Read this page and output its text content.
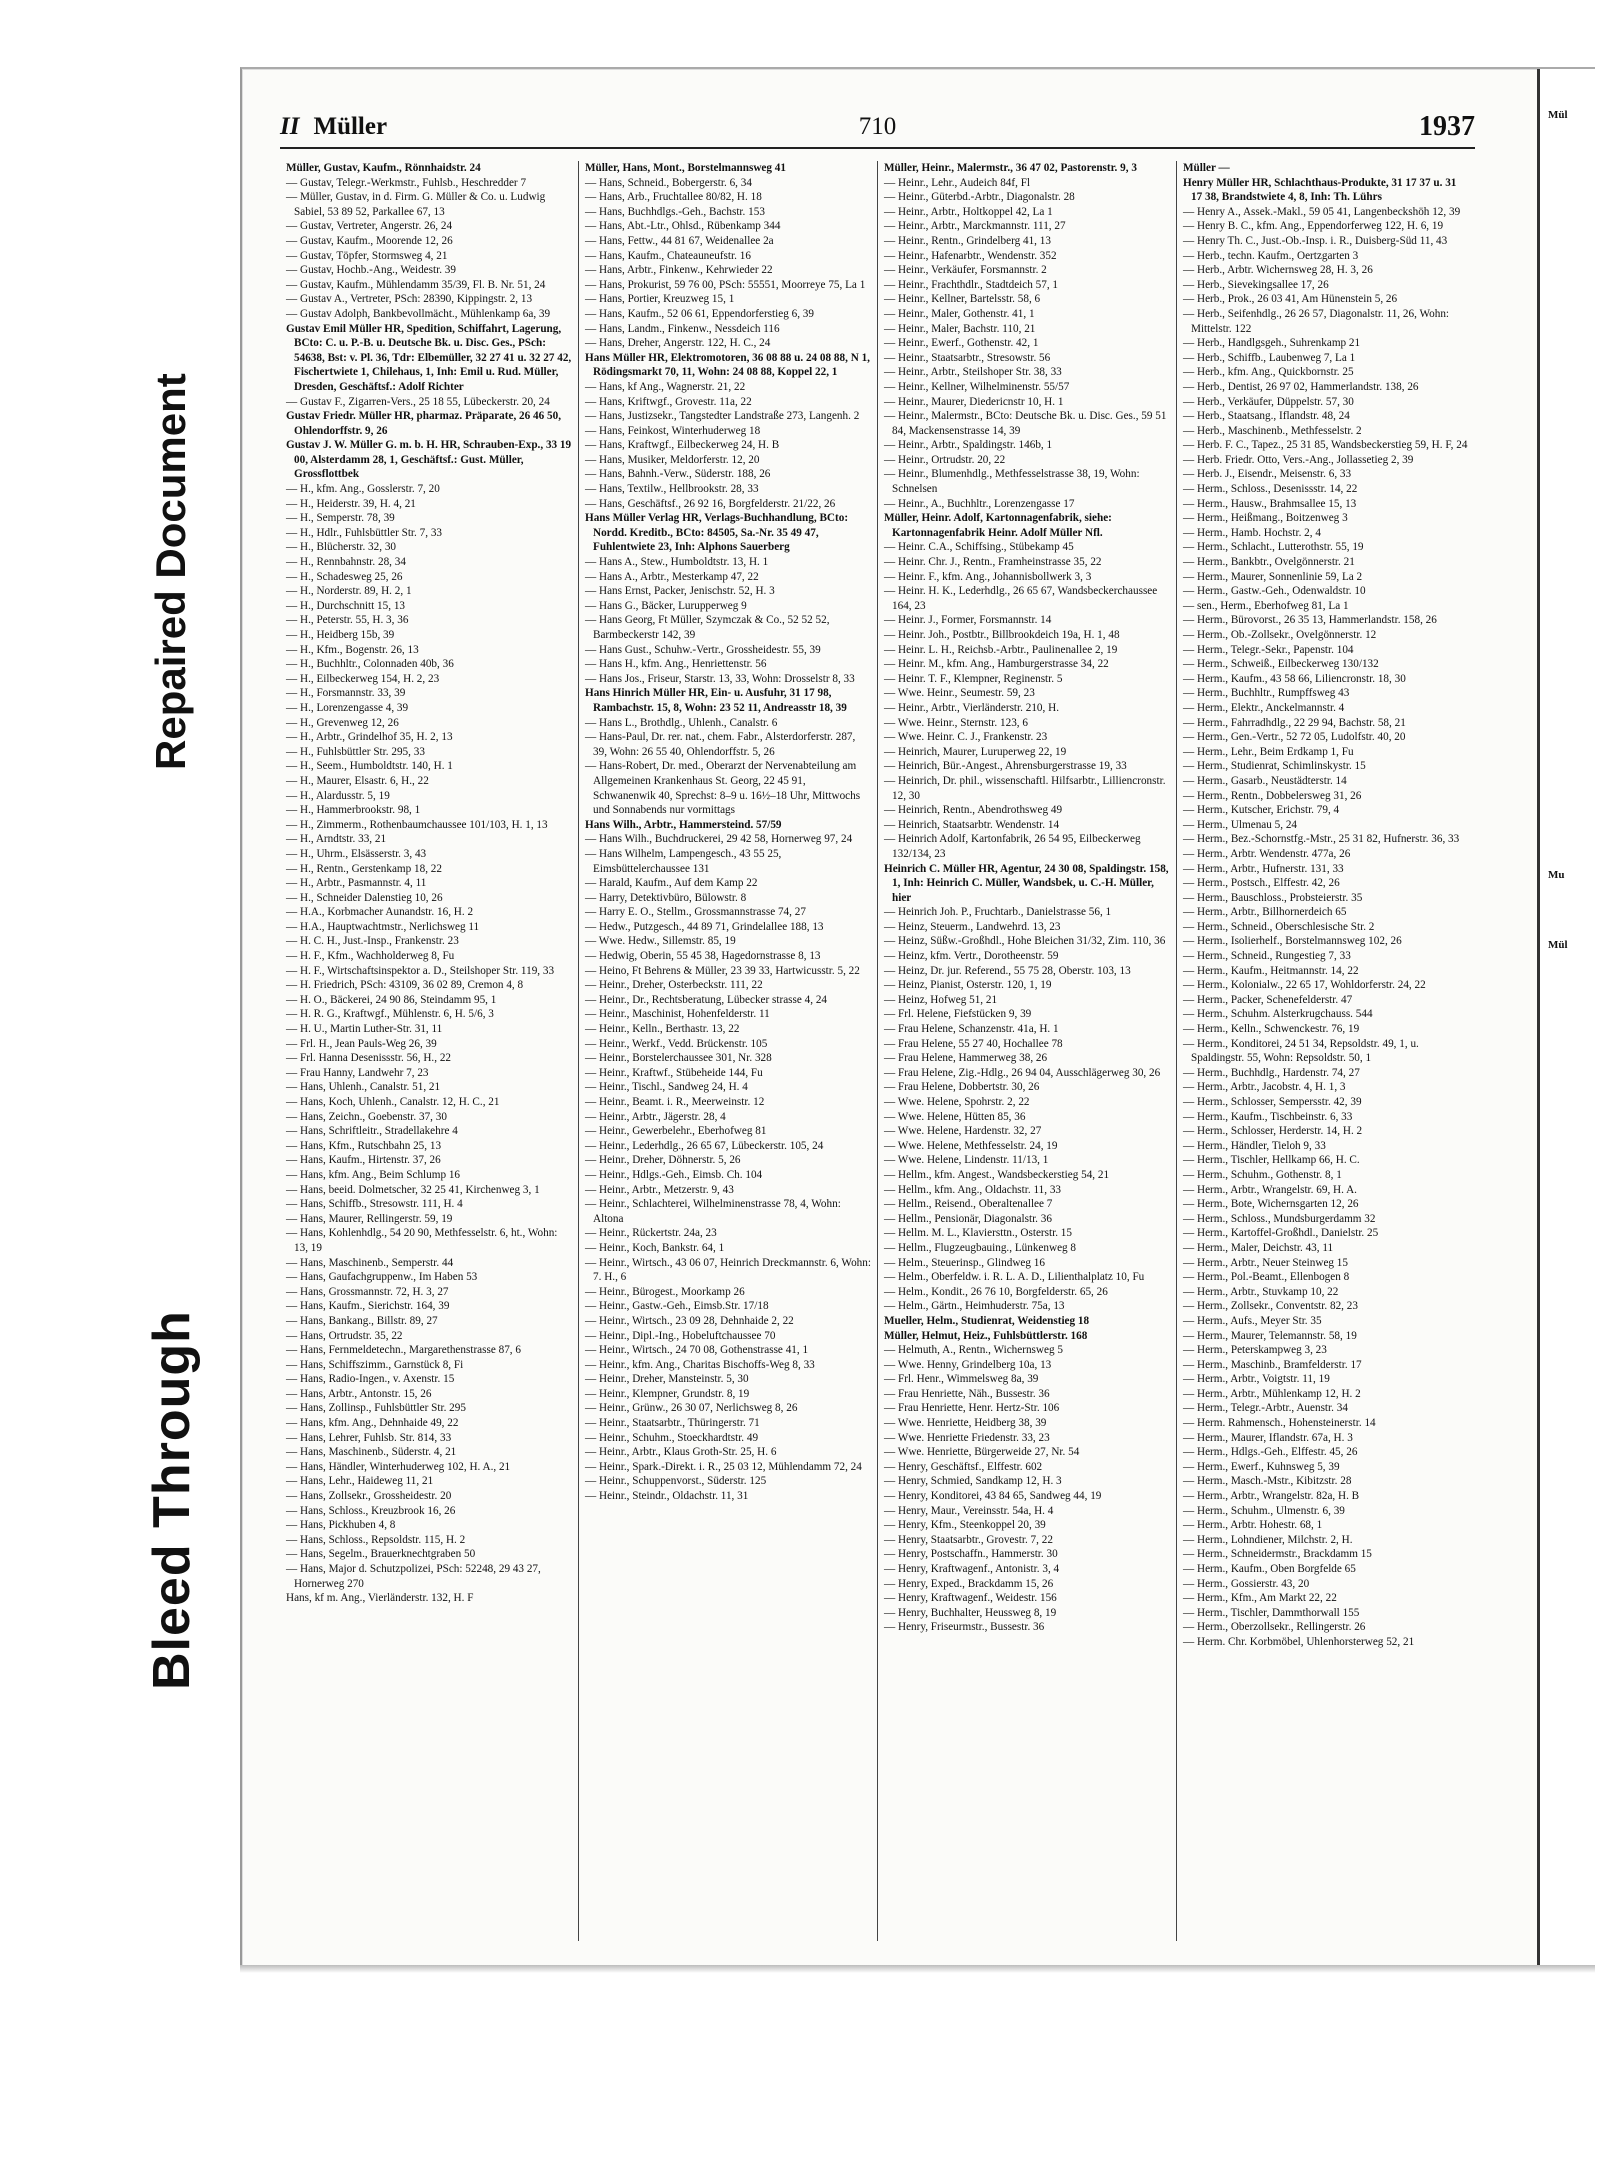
Bleed Through
Repaired Document
II Müller	710	1937
Müller, Gustav, Kaufm., Rönnhaidstr. 24
— Gustav, Telegr.-Werkmstr., Fuhlsb., Heschredder 7
— Müller, Gustav, in d. Firm. G. Müller & Co. u. Ludwig Sabiel, 53 89 52, Parkallee 67, 13
— Gustav, Vertreter, Angerstr. 26, 24
— Gustav, Kaufm., Moorende 12, 26
— Gustav, Töpfer, Stormsweg 4, 21
— Gustav, Hochb.-Ang., Weidestr. 39
— Gustav, Kaufm., Mühlendamm 35/39, Fl. B. Nr. 51, 24
— Gustav A., Vertreter, PSch: 28390, Kippingstr. 2, 13
— Gustav Adolph, Bankbevollmächt., Mühlenkamp 6a, 39
Gustav Emil Müller HR, Spedition, Schiffahrt, Lagerung, BCto: C. u. P.-B. u. Deutsche Bk. u. Disc. Ges., PSch: 54638, Bst: v. Pl. 36, Tdr: Elbemüller, 32 27 41 u. 32 27 42, Fischertwiete 1, Chilehaus, 1, Inh: Emil u. Rud. Müller, Dresden, Geschäftsf.: Adolf Richter
— Gustav F., Zigarren-Vers., 25 18 55, Lübeckerstr. 20, 24
Gustav Friedr. Müller HR, pharmaz. Präparate, 26 46 50, Ohlendorffstr. 9, 26
Gustav J. W. Müller G. m. b. H. HR, Schrauben-Exp., 33 19 00, Alsterdamm 28, 1, Geschäftsf.: Gust. Müller, Grossflottbek
— H., kfm. Ang., Gosslerstr. 7, 20
— H., Heiderstr. 39, H. 4, 21
— H., Semperstr. 78, 39
— H., Hdlr., Fuhlsbüttler Str. 7, 33
— H., Blücherstr. 32, 30
— H., Rennbahnstr. 28, 34
— H., Schadesweg 25, 26
— H., Norderstr. 89, H. 2, 1
— H., Durchschnitt 15, 13
— H., Peterstr. 55, H. 3, 36
— H., Heidberg 15b, 39
— H., Kfm., Bogenstr. 26, 13
— H., Buchhltr., Colonnaden 40b, 36
— H., Eilbeckerweg 154, H. 2, 23
— H., Forsmannstr. 33, 39
— H., Lorenzengasse 4, 39
— H., Grevenweg 12, 26
— H., Arbtr., Grindelhof 35, H. 2, 13
— H., Fuhlsbüttler Str. 295, 33
— H., Seem., Humboldtstr. 140, H. 1
— H., Maurer, Elsastr. 6, H., 22
— H., Alardusstr. 5, 19
— H., Hammerbrookstr. 98, 1
— H., Zimmerm., Rothenbaumchaussee 101/103, H. 1, 13
— H., Arndtstr. 33, 21
— H., Uhrm., Elsässerstr. 3, 43
— H., Rentn., Gerstenkamp 18, 22
— H., Arbtr., Pasmannstr. 4, 11
— H., Schneider Dalenstieg 10, 26
— H.A., Korbmacher Aunandstr. 16, H. 2
— H.A., Hauptwachtmstr., Nerlichsweg 11
— H. C. H., Just.-Insp., Frankenstr. 23
— H. F., Kfm., Wachholderweg 8, Fu
— H. F., Wirtschaftsinspektor a. D., Steilshoper Str. 119, 33
— H. Friedrich, PSch: 43109, 36 02 89, Cremon 4, 8
— H. O., Bäckerei, 24 90 86, Steindamm 95, 1
— H. R. G., Kraftwgf., Mühlenstr. 6, H. 5/6, 3
— H. U., Martin Luther-Str. 31, 11
— Frl. H., Jean Pauls-Weg 26, 39
— Frl. Hanna Desenissstr. 56, H., 22
— Frau Hanny, Landwehr 7, 23
— Hans, Uhlenh., Canalstr. 51, 21
— Hans, Koch, Uhlenh., Canalstr. 12, H. C., 21
— Hans, Zeichn., Goebenstr. 37, 30
— Hans, Schriftleitr., Stradellakehre 4
— Hans, Kfm., Rutschbahn 25, 13
— Hans, Kaufm., Hirtenstr. 37, 26
— Hans, kfm. Ang., Beim Schlump 16
— Hans, beeid. Dolmetscher, 32 25 41, Kirchenweg 3, 1
— Hans, Schiffb., Stresowstr. 111, H. 4
— Hans, Maurer, Rellingerstr. 59, 19
— Hans, Kohlenhdlg., 54 20 90, Methfesselstr. 6, ht., Wohn: 13, 19
— Hans, Maschinenb., Semperstr. 44
— Hans, Gaufachgruppenw., Im Haben 53
— Hans, Grossmannstr. 72, H. 3, 27
— Hans, Kaufm., Sierichstr. 164, 39
— Hans, Bankang., Billstr. 89, 27
— Hans, Ortrudstr. 35, 22
— Hans, Fernmeldetechn., Margarethenstrasse 87, 6
— Hans, Schiffszimm., Garnstück 8, Fi
— Hans, Radio-Ingen., v. Axenstr. 15
— Hans, Arbtr., Antonstr. 15, 26
— Hans, Zollinsp., Fuhlsbüttler Str. 295
— Hans, kfm. Ang., Dehnhaide 49, 22
— Hans, Lehrer, Fuhlsb. Str. 814, 33
— Hans, Maschinenb., Süderstr. 4, 21
— Hans, Händler, Winterhuderweg 102, H. A., 21
— Hans, Lehr., Haideweg 11, 21
— Hans, Zollsekr., Grossheidestr. 20
— Hans, Schloss., Kreuzbrook 16, 26
— Hans, Pickhuben 4, 8
— Hans, Schloss., Repsoldstr. 115, H. 2
— Hans, Segelm., Brauerknechtgraben 50
— Hans, Major d. Schutzpolizei, PSch: 52248, 29 43 27, Hornerweg 270
Hans, kf m. Ang., Vierländerstr. 132, H. F
Müller, Hans, Mont., Borstelmannsweg 41
— Hans, Schneid., Bobergerstr. 6, 34
— Hans, Arb., Fruchtallee 80/82, H. 18
— Hans, Buchhdlgs.-Geh., Bachstr. 153
— Hans, Abt.-Ltr., Ohlsd., Rübenkamp 344
— Hans, Fettw., 44 81 67, Weidenallee 2a
— Hans, Kaufm., Chateauneufstr. 16
— Hans, Arbtr., Finkenw., Kehrwieder 22
— Hans, Prokurist, 59 76 00, PSch: 55551, Moorreye 75, La 1
— Hans, Portier, Kreuzweg 15, 1
— Hans, Kaufm., 52 06 61, Eppendorferstieg 6, 39
— Hans, Landm., Finkenw., Nessdeich 116
— Hans, Dreher, Angerstr. 122, H. C., 24
Hans Müller HR, Elektromotoren, 36 08 88 u. 24 08 88, N 1, Rödingsmarkt 70, 11, Wohn: 24 08 88, Koppel 22, 1
— Hans, kf Ang., Wagnerstr. 21, 22
— Hans, Kriftwgf., Grovestr. 11a, 22
— Hans, Justizsekr., Tangstedter Landstraße 273, Langenh. 2
— Hans, Feinkost, Winterhuderweg 18
— Hans, Kraftwgf., Eilbeckerweg 24, H. B
— Hans, Musiker, Meldorferstr. 12, 20
— Hans, Bahnh.-Verw., Süderstr. 188, 26
— Hans, Textilw., Hellbrookstr. 28, 33
— Hans, Geschäftsf., 26 92 16, Borgfelderstr. 21/22, 26
Hans Müller Verlag HR, Verlags-Buchhandlung, BCto: Nordd. Kreditb., BCto: 84505, Sa.-Nr. 35 49 47, Fuhlentwiete 23, Inh: Alphons Sauerberg
— Hans A., Stew., Humboldtstr. 13, H. 1
— Hans A., Arbtr., Mesterkamp 47, 22
— Hans Ernst, Packer, Jenischstr. 52, H. 3
— Hans G., Bäcker, Lurupperweg 9
— Hans Georg, Ft Müller, Szymczak & Co., 52 52 52, Barmbeckerstr 142, 39
— Hans Gust., Schuhw.-Vertr., Grossheidestr. 55, 39
— Hans H., kfm. Ang., Henriettenstr. 56
— Hans Jos., Friseur, Starstr. 13, 33, Wohn: Drosselstr 8, 33
Hans Hinrich Müller HR, Ein- u. Ausfuhr, 31 17 98, Rambachstr. 15, 8, Wohn: 23 52 11, Andreasstr 18, 39
— Hans L., Brothdlg., Uhlenh., Canalstr. 6
— Hans-Paul, Dr. rer. nat., chem. Fabr., Alsterdorferstr. 287, 39, Wohn: 26 55 40, Ohlendorffstr. 5, 26
— Hans-Robert, Dr. med., Oberarzt der Nervenabteilung am Allgemeinen Krankenhaus St. Georg, 22 45 91, Schwanenwik 40, Sprechst: 8–9 u. 16½–18 Uhr, Mittwochs und Sonnabends nur vormittags
Hans Wilh., Arbtr., Hammersteind. 57/59
— Hans Wilh., Buchdruckerei, 29 42 58, Hornerweg 97, 24
— Hans Wilhelm, Lampengesch., 43 55 25, Eimsbüttelerchaussee 131
— Harald, Kaufm., Auf dem Kamp 22
— Harry, Detektivbüro, Bülowstr. 8
— Harry E. O., Stellm., Grossmannstrasse 74, 27
— Hedw., Putzgesch., 44 89 71, Grindelallee 188, 13
— Wwe. Hedw., Sillemstr. 85, 19
— Hedwig, Oberin, 55 45 38, Hagedornstrasse 8, 13
— Heino, Ft Behrens & Müller, 23 39 33, Hartwicusstr. 5, 22
— Heinr., Dreher, Osterbeckstr. 111, 22
— Heinr., Dr., Rechtsberatung, Lübecker strasse 4, 24
— Heinr., Maschinist, Hohenfelderstr. 11
— Heinr., Kelln., Berthastr. 13, 22
— Heinr., Werkf., Vedd. Brückenstr. 105
— Heinr., Borstelerchaussee 301, Nr. 328
— Heinr., Kraftwf., Stübeheide 144, Fu
— Heinr., Tischl., Sandweg 24, H. 4
— Heinr., Beamt. i. R., Meerweinstr. 12
— Heinr., Arbtr., Jägerstr. 28, 4
— Heinr., Gewerbelehr., Eberhofweg 81
— Heinr., Lederhdlg., 26 65 67, Lübeckerstr. 105, 24
— Heinr., Dreher, Döhnerstr. 5, 26
— Heinr., Hdlgs.-Geh., Eimsb. Ch. 104
— Heinr., Arbtr., Metzerstr. 9, 43
— Heinr., Schlachterei, Wilhelminenstrasse 78, 4, Wohn: Altona
— Heinr., Rückertstr. 24a, 23
— Heinr., Koch, Bankstr. 64, 1
— Heinr., Wirtsch., 43 06 07, Heinrich Dreckmannstr. 6, Wohn: 7. H., 6
— Heinr., Bürogest., Moorkamp 26
— Heinr., Gastw.-Geh., Eimsb.Str. 17/18
— Heinr., Wirtsch., 23 09 28, Dehnhaide 2, 22
— Heinr., Dipl.-Ing., Hobeluftchaussee 70
— Heinr., Wirtsch., 24 70 08, Gothenstrasse 41, 1
— Heinr., kfm. Ang., Charitas Bischoffs-Weg 8, 33
— Heinr., Dreher, Mansteinstr. 5, 30
— Heinr., Klempner, Grundstr. 8, 19
— Heinr., Grünw., 26 30 07, Nerlichsweg 8, 26
— Heinr., Staatsarbtr., Thüringerstr. 71
— Heinr., Schuhm., Stoeckhardtstr. 49
— Heinr., Arbtr., Klaus Groth-Str. 25, H. 6
— Heinr., Spark.-Direkt. i. R., 25 03 12, Mühlendamm 72, 24
— Heinr., Schuppenvorst., Süderstr. 125
— Heinr., Steindr., Oldachstr. 11, 31
Müller, Heinr., Malermstr., 36 47 02, Pastorenstr. 9, 3
— Heinr., Lehr., Audeich 84f, Fl
— Heinr., Güterbd.-Arbtr., Diagonalstr. 28
— Heinr., Arbtr., Holtkoppel 42, La 1
— Heinr., Arbtr., Marckmannstr. 111, 27
— Heinr., Rentn., Grindelberg 41, 13
— Heinr., Hafenarbtr., Wendenstr. 352
— Heinr., Verkäufer, Forsmannstr. 2
— Heinr., Frachthdlr., Stadtdeich 57, 1
— Heinr., Kellner, Bartelsstr. 58, 6
— Heinr., Maler, Gothenstr. 41, 1
— Heinr., Maler, Bachstr. 110, 21
— Heinr., Ewerf., Gothenstr. 42, 1
— Heinr., Staatsarbtr., Stresowstr. 56
— Heinr., Arbtr., Steilshoper Str. 38, 33
— Heinr., Kellner, Wilhelminenstr. 55/57
— Heinr., Maurer, Diedericnstr 10, H. 1
— Heinr., Malermstr., BCto: Deutsche Bk. u. Disc. Ges., 59 51 84, Mackensenstrasse 14, 39
— Heinr., Arbtr., Spaldingstr. 146b, 1
— Heinr., Ortrudstr. 20, 22
— Heinr., Blumenhdlg., Methfesselstrasse 38, 19, Wohn: Schnelsen
— Heinr., A., Buchhltr., Lorenzengasse 17
Müller, Heinr. Adolf, Kartonnagenfabrik, siehe: Kartonnagenfabrik Heinr. Adolf Müller Nfl.
— Heinr. C.A., Schiffsing., Stübekamp 45
— Heinr. Chr. J., Rentn., Framheinstrasse 35, 22
— Heinr. F., kfm. Ang., Johannisbollwerk 3, 3
— Heinr. H. K., Lederhdlg., 26 65 67, Wandsbeckerchaussee 164, 23
— Heinr. J., Former, Forsmannstr. 14
— Heinr. Joh., Postbtr., Billbrookdeich 19a, H. 1, 48
— Heinr. L. H., Reichsb.-Arbtr., Paulinenallee 2, 19
— Heinr. M., kfm. Ang., Hamburgerstrasse 34, 22
— Heinr. T. F., Klempner, Reginenstr. 5
— Wwe. Heinr., Seumestr. 59, 23
— Heinr., Arbtr., Vierländerstr. 210, H.
— Wwe. Heinr., Sternstr. 123, 6
— Wwe. Heinr. C. J., Frankenstr. 23
— Heinrich, Maurer, Luruperweg 22, 19
— Heinrich, Bür.-Angest., Ahrensburgerstrasse 19, 33
— Heinrich, Dr. phil., wissenschaftl. Hilfsarbtr., Lilliencronstr. 12, 30
— Heinrich, Rentn., Abendrothsweg 49
— Heinrich, Staatsarbtr. Wendenstr. 14
— Heinrich Adolf, Kartonfabrik, 26 54 95, Eilbeckerweg 132/134, 23
Heinrich C. Müller HR, Agentur, 24 30 08, Spaldingstr. 158, 1, Inh: Heinrich C. Müller, Wandsbek, u. C.-H. Müller, hier
— Heinrich Joh. P., Fruchtarb., Danielstrasse 56, 1
— Heinz, Steuerm., Landwehrd. 13, 23
— Heinz, Süßw.-Großhdl., Hohe Bleichen 31/32, Zim. 110, 36
— Heinz, kfm. Vertr., Dorotheenstr. 59
— Heinz, Dr. jur. Referend., 55 75 28, Oberstr. 103, 13
— Heinz, Pianist, Osterstr. 120, 1, 19
— Heinz, Hofweg 51, 21
— Frl. Helene, Fiefstücken 9, 39
— Frau Helene, Schanzenstr. 41a, H. 1
— Frau Helene, 55 27 40, Hochallee 78
— Frau Helene, Hammerweg 38, 26
— Frau Helene, Zig.-Hdlg., 26 94 04, Ausschlägerweg 30, 26
— Frau Helene, Dobbertstr. 30, 26
— Wwe. Helene, Spohrstr. 2, 22
— Wwe. Helene, Hütten 85, 36
— Wwe. Helene, Hardenstr. 32, 27
— Wwe. Helene, Methfesselstr. 24, 19
— Wwe. Helene, Lindenstr. 11/13, 1
— Hellm., kfm. Angest., Wandsbeckerstieg 54, 21
— Hellm., kfm. Ang., Oldachstr. 11, 33
— Hellm., Reisend., Oberaltenallee 7
— Hellm., Pensionär, Diagonalstr. 36
— Hellm. M. L., Klaviersttn., Osterstr. 15
— Hellm., Flugzeugbauing., Lünkenweg 8
— Helm., Steuerinsp., Glindweg 16
— Helm., Oberfeldw. i. R. L. A. D., Lilienthalplatz 10, Fu
— Helm., Kondit., 26 76 10, Borgfelderstr. 65, 26
— Helm., Gärtn., Heimhuderstr. 75a, 13
Mueller, Helm., Studienrat, Weidenstieg 18
Müller, Helmut, Heiz., Fuhlsbüttlerstr. 168
— Helmuth, A., Rentn., Wichernsweg 5
— Wwe. Henny, Grindelberg 10a, 13
— Frl. Henr., Wimmelsweg 8a, 39
— Frau Henriette, Näh., Bussestr. 36
— Frau Henriette, Henr. Hertz-Str. 106
— Wwe. Henriette, Heidberg 38, 39
— Wwe. Henriette Friedenstr. 33, 23
— Wwe. Henriette, Bürgerweide 27, Nr. 54
— Henry, Geschäftsf., Elffestr. 602
— Henry, Schmied, Sandkamp 12, H. 3
— Henry, Konditorei, 43 84 65, Sandweg 44, 19
— Henry, Maur., Vereinsstr. 54a, H. 4
— Henry, Kfm., Steenkoppel 20, 39
— Henry, Staatsarbtr., Grovestr. 7, 22
— Henry, Postschaffn., Hammerstr. 30
— Henry, Kraftwagenf., Antonistr. 3, 4
— Henry, Exped., Brackdamm 15, 26
— Henry, Kraftwagenf., Weidestr. 156
— Henry, Buchhalter, Heussweg 8, 19
— Henry, Friseurmstr., Bussestr. 36
Müller —
Henry Müller HR, Schlachthaus-Produkte, 31 17 37 u. 31 17 38, Brandstwiete 4, 8, Inh: Th. Lührs
— Henry A., Assek.-Makl., 59 05 41, Langenbeckshöh 12, 39
— Henry B. C., kfm. Ang., Eppendorferweg 122, H. 6, 19
— Henry Th. C., Just.-Ob.-Insp. i. R., Duisberg-Süd 11, 43
— Herb., techn. Kaufm., Oertzgarten 3
— Herb., Arbtr. Wichernsweg 28, H. 3, 26
— Herb., Sievekingsallee 17, 26
— Herb., Prok., 26 03 41, Am Hünenstein 5, 26
— Herb., Seifenhdlg., 26 26 57, Diagonalstr. 11, 26, Wohn: Mittelstr. 122
— Herb., Handlgsgeh., Suhrenkamp 21
— Herb., Schiffb., Laubenweg 7, La 1
— Herb., kfm. Ang., Quickbornstr. 25
— Herb., Dentist, 26 97 02, Hammerlandstr. 138, 26
— Herb., Verkäufer, Düppelstr. 57, 30
— Herb., Staatsang., Iflandstr. 48, 24
— Herb., Maschinenb., Methfesselstr. 2
— Herb. F. C., Tapez., 25 31 85, Wandsbeckerstieg 59, H. F, 24
— Herb. Friedr. Otto, Vers.-Ang., Jollassetieg 2, 39
— Herb. J., Eisendr., Meisenstr. 6, 33
— Herm., Schloss., Desenissstr. 14, 22
— Herm., Hausw., Brahmsallee 15, 13
— Herm., Heißmang., Boitzenweg 3
— Herm., Hamb. Hochstr. 2, 4
— Herm., Schlacht., Lutterothstr. 55, 19
— Herm., Bankbtr., Ovelgönnerstr. 21
— Herm., Maurer, Sonnenlinie 59, La 2
— Herm., Gastw.-Geh., Odenwaldstr. 10
— sen., Herm., Eberhofweg 81, La 1
— Herm., Bürovorst., 26 35 13, Hammerlandstr. 158, 26
— Herm., Ob.-Zollsekr., Ovelgönnerstr. 12
— Herm., Telegr.-Sekr., Papenstr. 104
— Herm., Schweiß., Eilbeckerweg 130/132
— Herm., Kaufm., 43 58 66, Liliencronstr. 18, 30
— Herm., Buchhltr., Rumpffsweg 43
— Herm., Elektr., Anckelmannstr. 4
— Herm., Fahrradhdlg., 22 29 94, Bachstr. 58, 21
— Herm., Gen.-Vertr., 52 72 05, Ludolfstr. 40, 20
— Herm., Lehr., Beim Erdkamp 1, Fu
— Herm., Studienrat, Schimlinskystr. 15
— Herm., Gasarb., Neustädterstr. 14
— Herm., Rentn., Dobbelersweg 31, 26
— Herm., Kutscher, Erichstr. 79, 4
— Herm., Ulmenau 5, 24
— Herm., Bez.-Schornstfg.-Mstr., 25 31 82, Hufnerstr. 36, 33
— Herm., Arbtr. Wendenstr. 477a, 26
— Herm., Arbtr., Hufnerstr. 131, 33
— Herm., Postsch., Elffestr. 42, 26
— Herm., Bauschloss., Probsteierstr. 35
— Herm., Arbtr., Billhornerdeich 65
— Herm., Schneid., Oberschlesische Str. 2
— Herm., Isolierhelf., Borstelmannsweg 102, 26
— Herm., Schneid., Rungestieg 7, 33
— Herm., Kaufm., Heitmannstr. 14, 22
— Herm., Kolonialw., 22 65 17, Wohldorferstr. 24, 22
— Herm., Packer, Schenefelderstr. 47
— Herm., Schuhm. Alsterkrugchauss. 544
— Herm., Kelln., Schwenckestr. 76, 19
— Herm., Konditorei, 24 51 34, Repsoldstr. 49, 1, u. Spaldingstr. 55, Wohn: Repsoldstr. 50, 1
— Herm., Buchhdlg., Hardenstr. 74, 27
— Herm., Arbtr., Jacobstr. 4, H. 1, 3
— Herm., Schlosser, Sempersstr. 42, 39
— Herm., Kaufm., Tischbeinstr. 6, 33
— Herm., Schlosser, Herderstr. 14, H. 2
— Herm., Händler, Tieloh 9, 33
— Herm., Tischler, Hellkamp 66, H. C.
— Herm., Schuhm., Gothenstr. 8, 1
— Herm., Arbtr., Wrangelstr. 69, H. A.
— Herm., Bote, Wichernsgarten 12, 26
— Herm., Schloss., Mundsburgerdamm 32
— Herm., Kartoffel-Großhdl., Danielstr. 25
— Herm., Maler, Deichstr. 43, 11
— Herm., Arbtr., Neuer Steinweg 15
— Herm., Pol.-Beamt., Ellenbogen 8
— Herm., Arbtr., Stuvkamp 10, 22
— Herm., Zollsekr., Conventstr. 82, 23
— Herm., Aufs., Meyer Str. 35
— Herm., Maurer, Telemannstr. 58, 19
— Herm., Peterskampweg 3, 23
— Herm., Maschinb., Bramfelderstr. 17
— Herm., Arbtr., Voigtstr. 11, 19
— Herm., Arbtr., Mühlenkamp 12, H. 2
— Herm., Telegr.-Arbtr., Auenstr. 34
— Herm. Rahmensch., Hohensteinerstr. 14
— Herm., Maurer, Iflandstr. 67a, H. 3
— Herm., Hdlgs.-Geh., Elffestr. 45, 26
— Herm., Ewerf., Kuhnsweg 5, 39
— Herm., Masch.-Mstr., Kibitzstr. 28
— Herm., Arbtr., Wrangelstr. 82a, H. B
— Herm., Schuhm., Ulmenstr. 6, 39
— Herm., Arbtr. Hohestr. 68, 1
— Herm., Lohndiener, Milchstr. 2, H.
— Herm., Schneidermstr., Brackdamm 15
— Herm., Kaufm., Oben Borgfelde 65
— Herm., Gossierstr. 43, 20
— Herm., Kfm., Am Markt 22, 22
— Herm., Tischler, Dammthorwall 155
— Herm., Oberzollsekr., Rellingerstr. 26
— Herm. Chr. Korbmöbel, Uhlenhorsterweg 52, 21
Mül
Mu
Mül
